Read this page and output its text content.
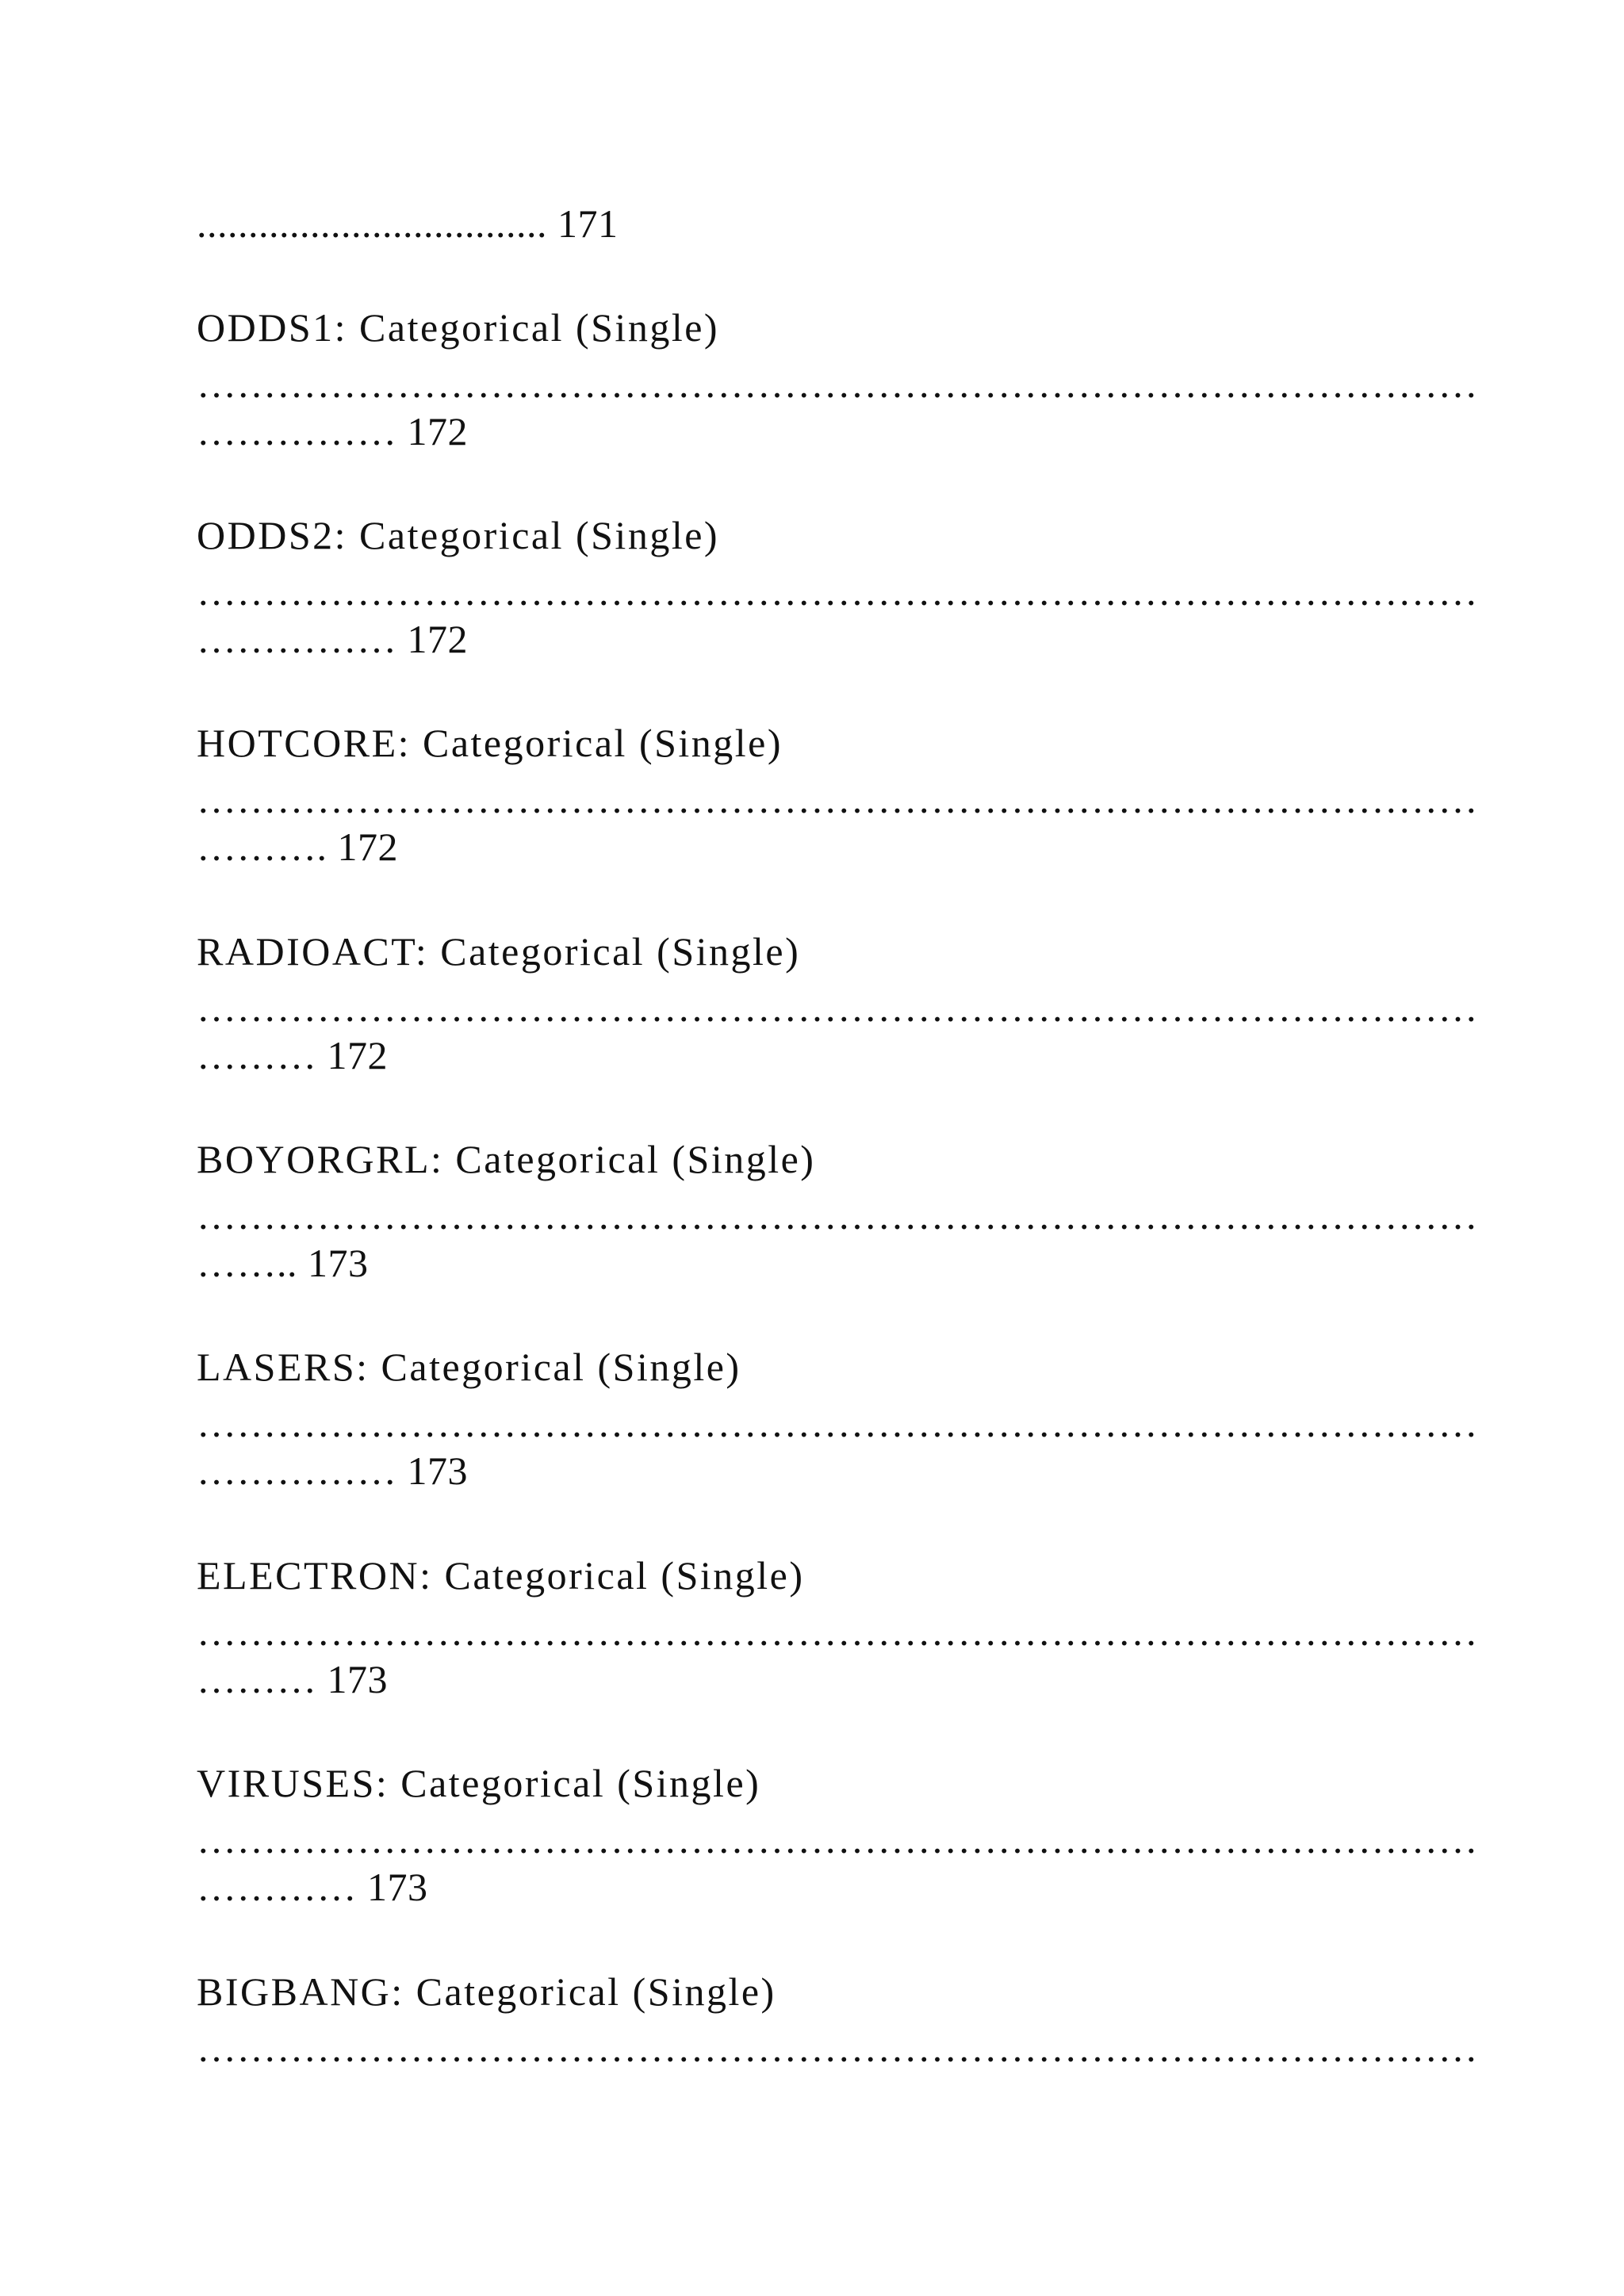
.................................. 171
ODDS1: Categorical (Single)
……………………………………………………………………………………
…………… 172
ODDS2: Categorical (Single)
……………………………………………………………………………………
…………… 172
HOTCORE: Categorical (Single)
……………………………………………………………………………………
………. 172
RADIOACT: Categorical (Single)
……………………………………………………………………………………
……… 172
BOYORGRL: Categorical (Single)
……………………………………………………………………………………
…….. 173
LASERS: Categorical (Single)
……………………………………………………………………………………
…………… 173
ELECTRON: Categorical (Single)
……………………………………………………………………………………
……… 173
VIRUSES: Categorical (Single)
……………………………………………………………………………………
………… 173
BIGBANG: Categorical (Single)
……………………………………………………………………………………
